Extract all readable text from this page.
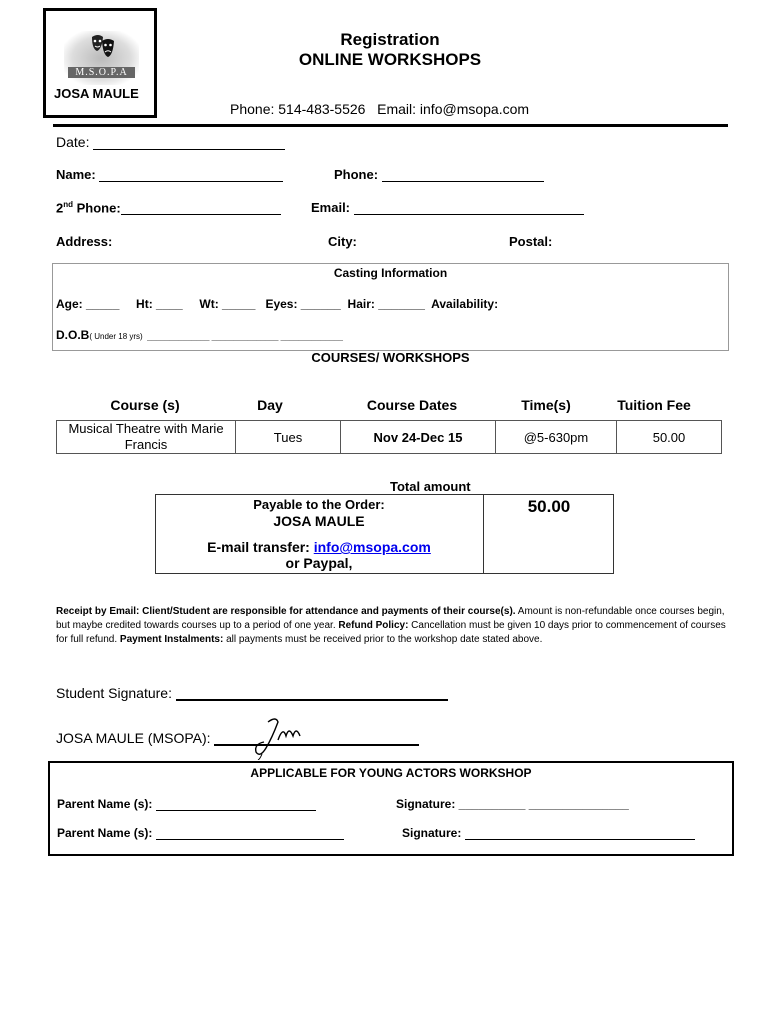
M.S.O.P.A
JOSA MAULE
Registration
ONLINE WORKSHOPS
Phone: 514-483-5526 Email: info@msopa.com
Date:
Name:	Phone:
2nd Phone:	Email:
Address:	City:	Postal:
Casting Information
Age: _____ Ht: ____ Wt: _____ Eyes: ______ Hair: _______ Availability:
D.O.B( Under 18 yrs) ______________ _______________ ______________
COURSES/ WORKSHOPS
Course (s)	Day	Course Dates	Time(s)	Tuition Fee
Musical Theatre with Marie Francis	Tues	Nov 24-Dec 15	@5-630pm	50.00
Total amount
Payable to the Order:
JOSA MAULE
E-mail transfer: info@msopa.com
or Paypal,
50.00
Receipt by Email: Client/Student are responsible for attendance and payments of their course(s). Amount is non-refundable once courses begin, but maybe credited towards courses up to a period of one year. Refund Policy: Cancellation must be given 10 days prior to commencement of courses for full refund. Payment Instalments: all payments must be received prior to the workshop date stated above.
Student Signature:
JOSA MAULE (MSOPA):
APPLICABLE FOR YOUNG ACTORS WORKSHOP
Parent Name (s):	Signature: __________ _______________
Parent Name (s):	Signature:
